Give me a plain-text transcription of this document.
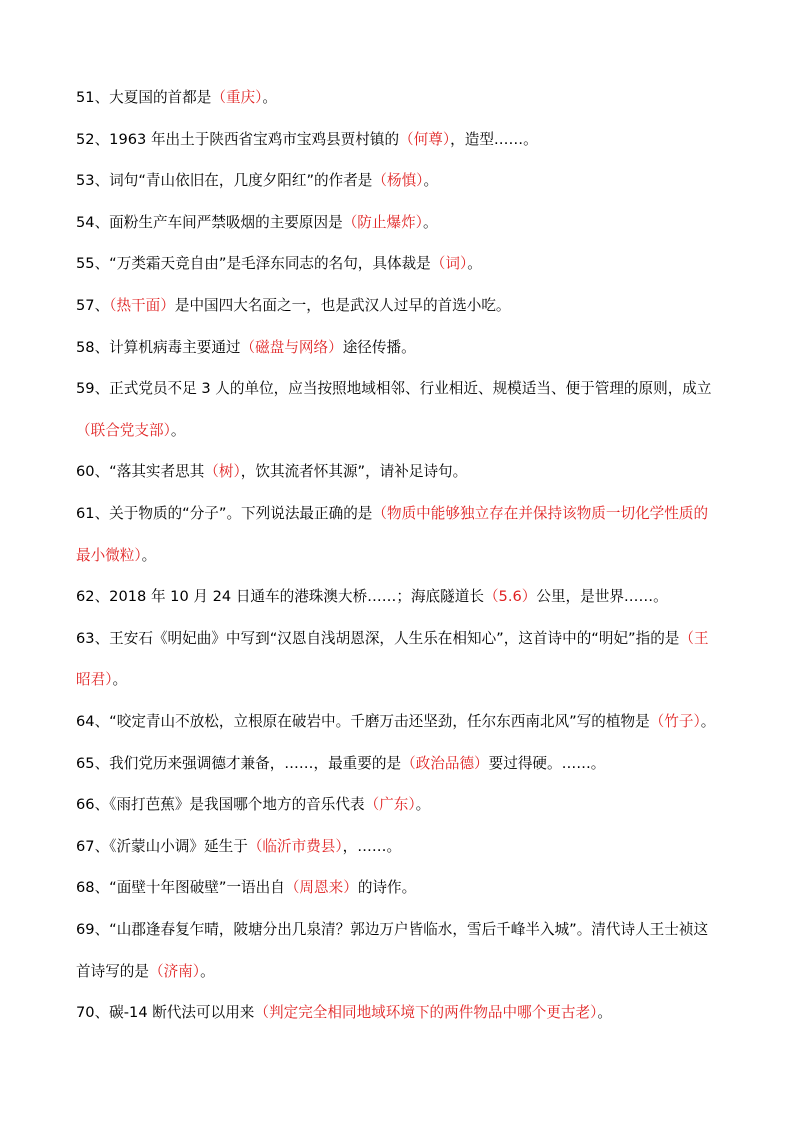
51、大夏国的首都是（重庆）。

52、1963 年出土于陕西省宝鸡市宝鸡县贾村镇的（何尊），造型……。

53、词句“青山依旧在，几度夕阳红”的作者是（杨慎）。

54、面粉生产车间严禁吸烟的主要原因是（防止爆炸）。

55、“万类霜天竞自由”是毛泽东同志的名句，具体裁是（词）。

57、（热干面）是中国四大名面之一，也是武汉人过早的首选小吃。

58、计算机病毒主要通过（磁盘与网络）途径传播。

59、正式党员不足 3 人的单位，应当按照地域相邻、行业相近、规模适当、便于管理的原则，成立（联合党支部）。

60、“落其实者思其（树），饮其流者怀其源”，请补足诗句。

61、关于物质的“分子”。下列说法最正确的是（物质中能够独立存在并保持该物质一切化学性质的最小微粒）。

62、2018 年 10 月 24 日通车的港珠澳大桥……；海底隧道长（5.6）公里，是世界……。

63、王安石《明妃曲》中写到“汉恩自浅胡恩深，人生乐在相知心”，这首诗中的“明妃”指的是（王昭君）。

64、“咬定青山不放松，立根原在破岩中。千磨万击还坚劲，任尔东西南北风”写的植物是（竹子）。

65、我们党历来强调德才兼备，……，最重要的是（政治品德）要过得硬。……。

66、《雨打芭蕉》是我国哪个地方的音乐代表（广东）。

67、《沂蒙山小调》延生于（临沂市费县），……。

68、“面壁十年图破壁”一语出自（周恩来）的诗作。

69、“山郡逢春复乍晴，陂塘分出几泉清？郭边万户皆临水，雪后千峰半入城”。清代诗人王士祯这首诗写的是（济南）。

70、碳-14 断代法可以用来（判定完全相同地域环境下的两件物品中哪个更古老）。
